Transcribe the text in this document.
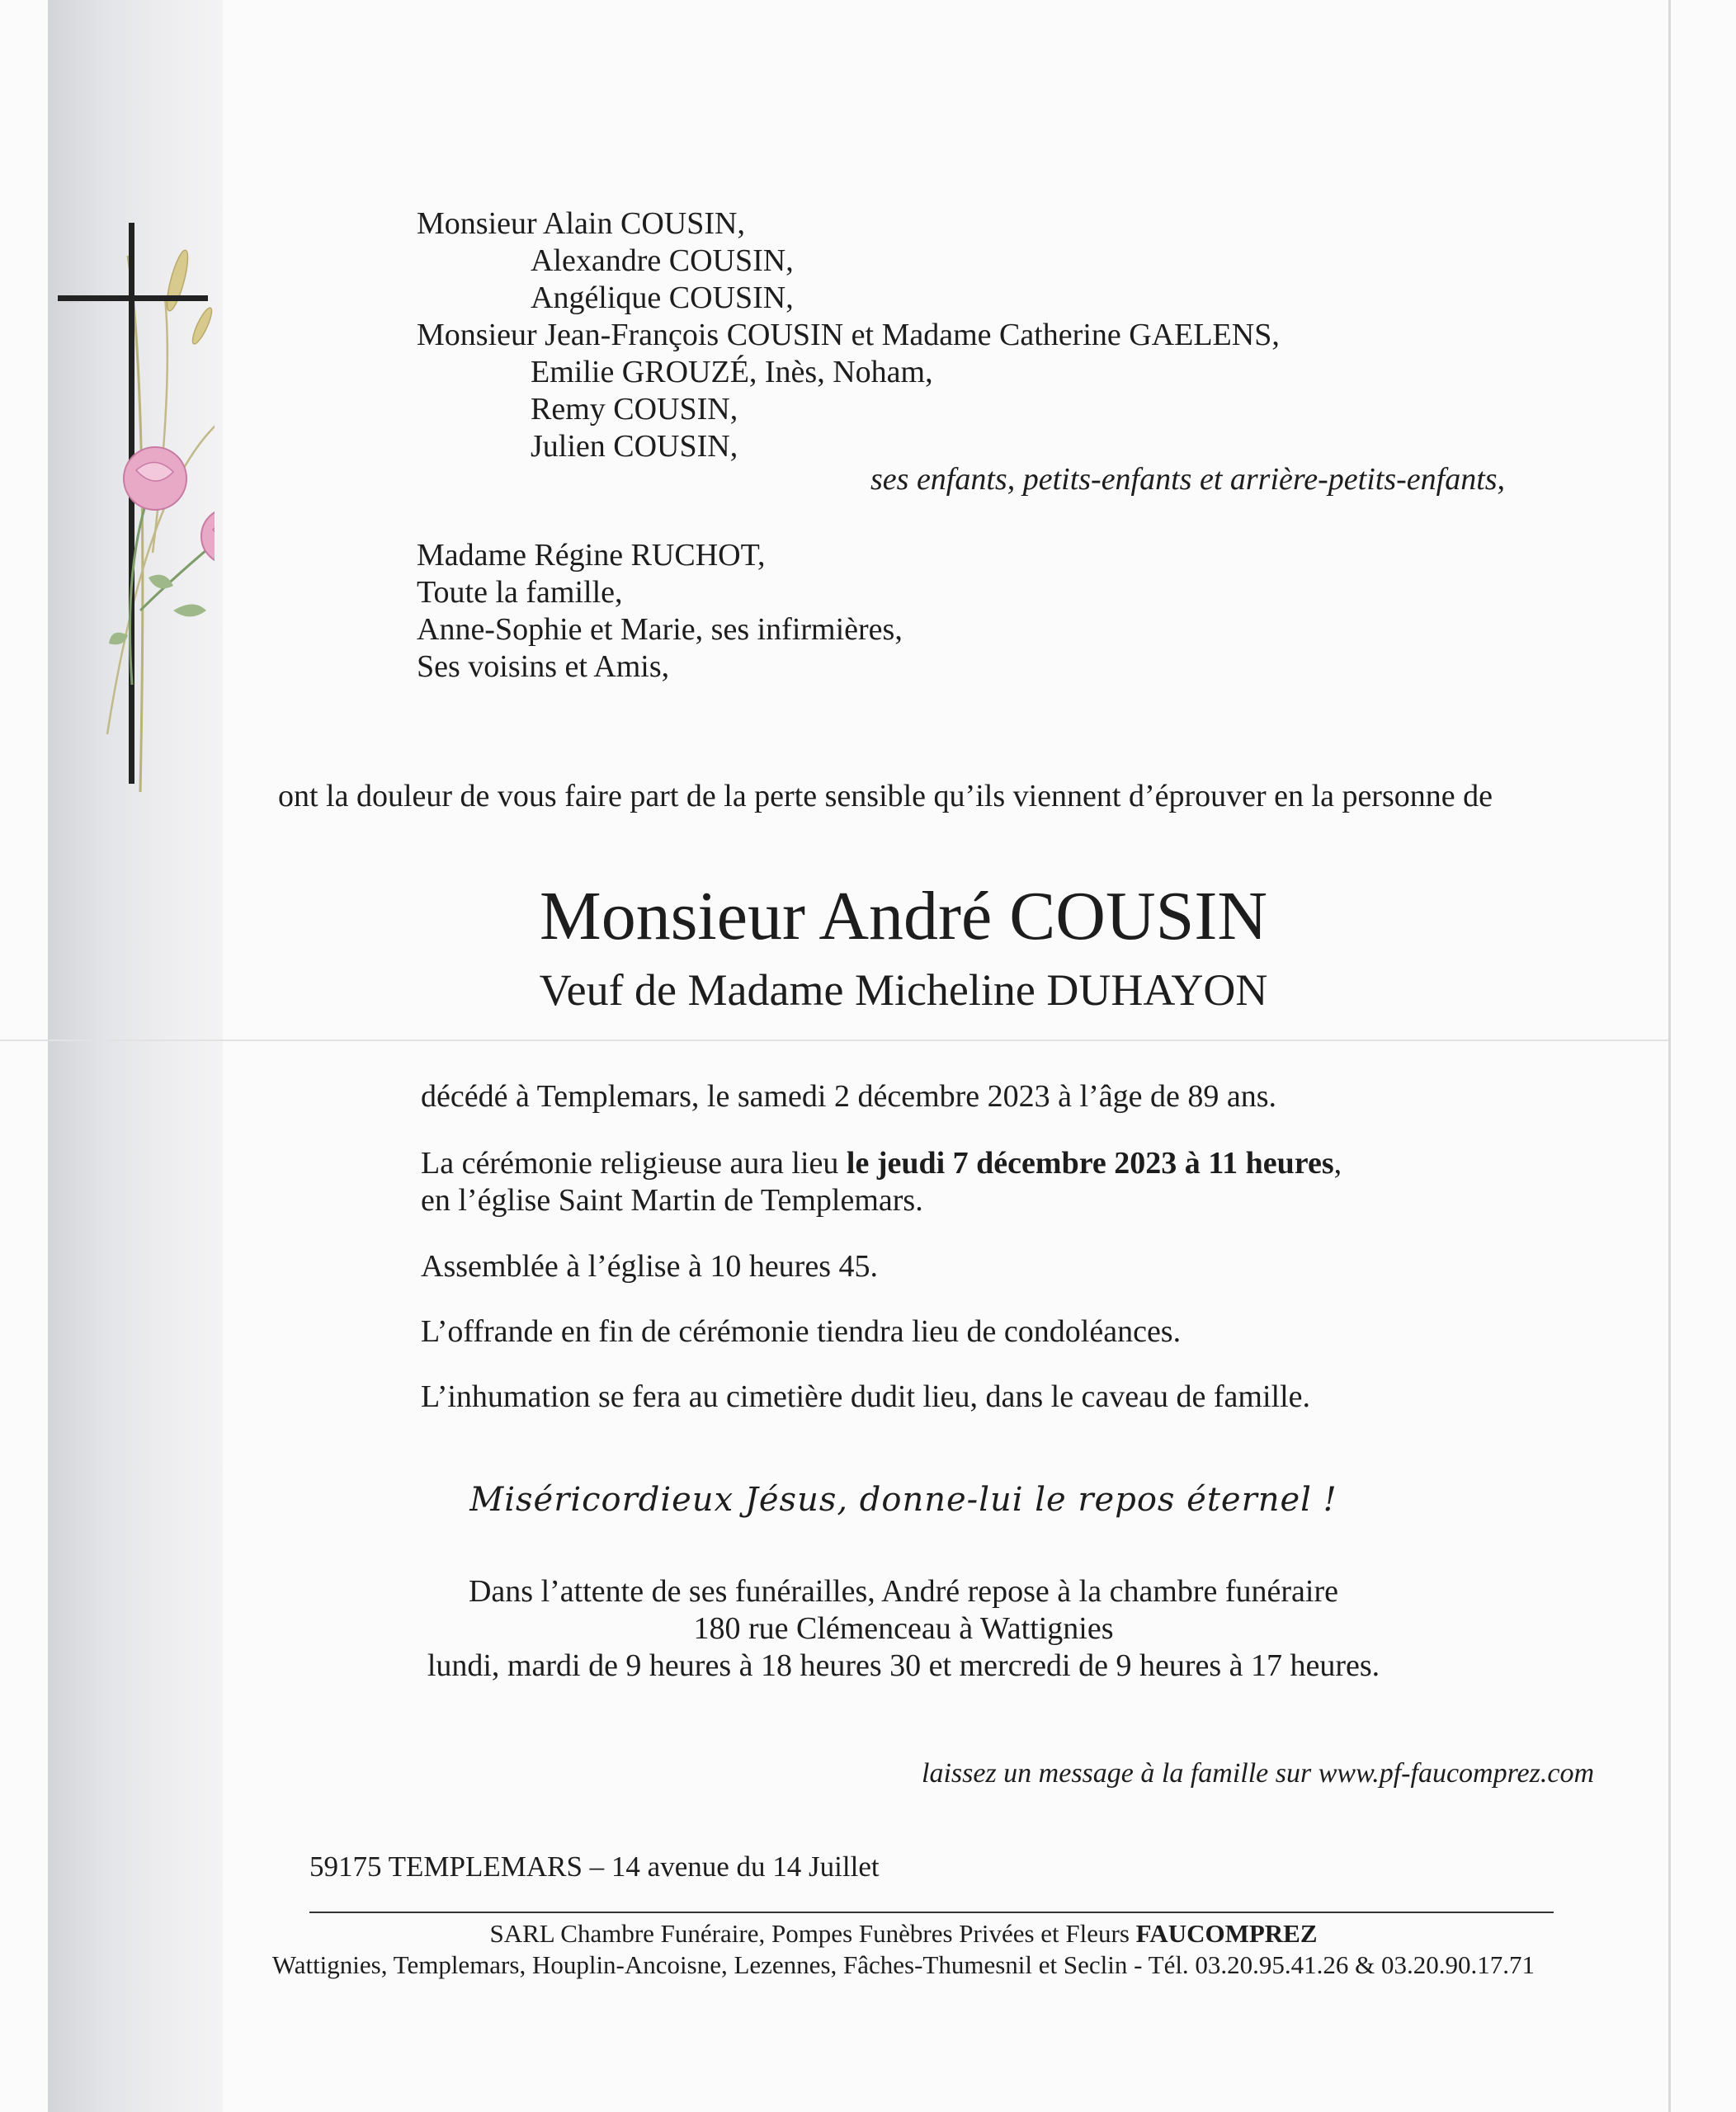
Monsieur Alain COUSIN,
Alexandre COUSIN,
Angélique COUSIN,
Monsieur Jean-François COUSIN et Madame Catherine GAELENS,
Emilie GROUZÉ, Inès, Noham,
Remy COUSIN,
Julien COUSIN,
ses enfants, petits-enfants et arrière-petits-enfants,
Madame Régine RUCHOT,
Toute la famille,
Anne-Sophie et Marie, ses infirmières,
Ses voisins et Amis,
ont la douleur de vous faire part de la perte sensible qu’ils viennent d’éprouver en la personne de
Monsieur André COUSIN
Veuf de Madame Micheline DUHAYON
décédé à Templemars, le samedi 2 décembre 2023 à l’âge de 89 ans.
La cérémonie religieuse aura lieu le jeudi 7 décembre 2023 à 11 heures,
en l’église Saint Martin de Templemars.
Assemblée à l’église à 10 heures 45.
L’offrande en fin de cérémonie tiendra lieu de condoléances.
L’inhumation se fera au cimetière dudit lieu, dans le caveau de famille.
Miséricordieux Jésus, donne-lui le repos éternel !
Dans l’attente de ses funérailles, André repose à la chambre funéraire
180 rue Clémenceau à Wattignies
lundi, mardi de 9 heures à 18 heures 30 et mercredi de 9 heures à 17 heures.
laissez un message à la famille sur www.pf-faucomprez.com
59175 TEMPLEMARS – 14 avenue du 14 Juillet
SARL Chambre Funéraire, Pompes Funèbres Privées et Fleurs FAUCOMPREZ
Wattignies, Templemars, Houplin-Ancoisne, Lezennes, Fâches-Thumesnil et Seclin - Tél. 03.20.95.41.26 & 03.20.90.17.71
